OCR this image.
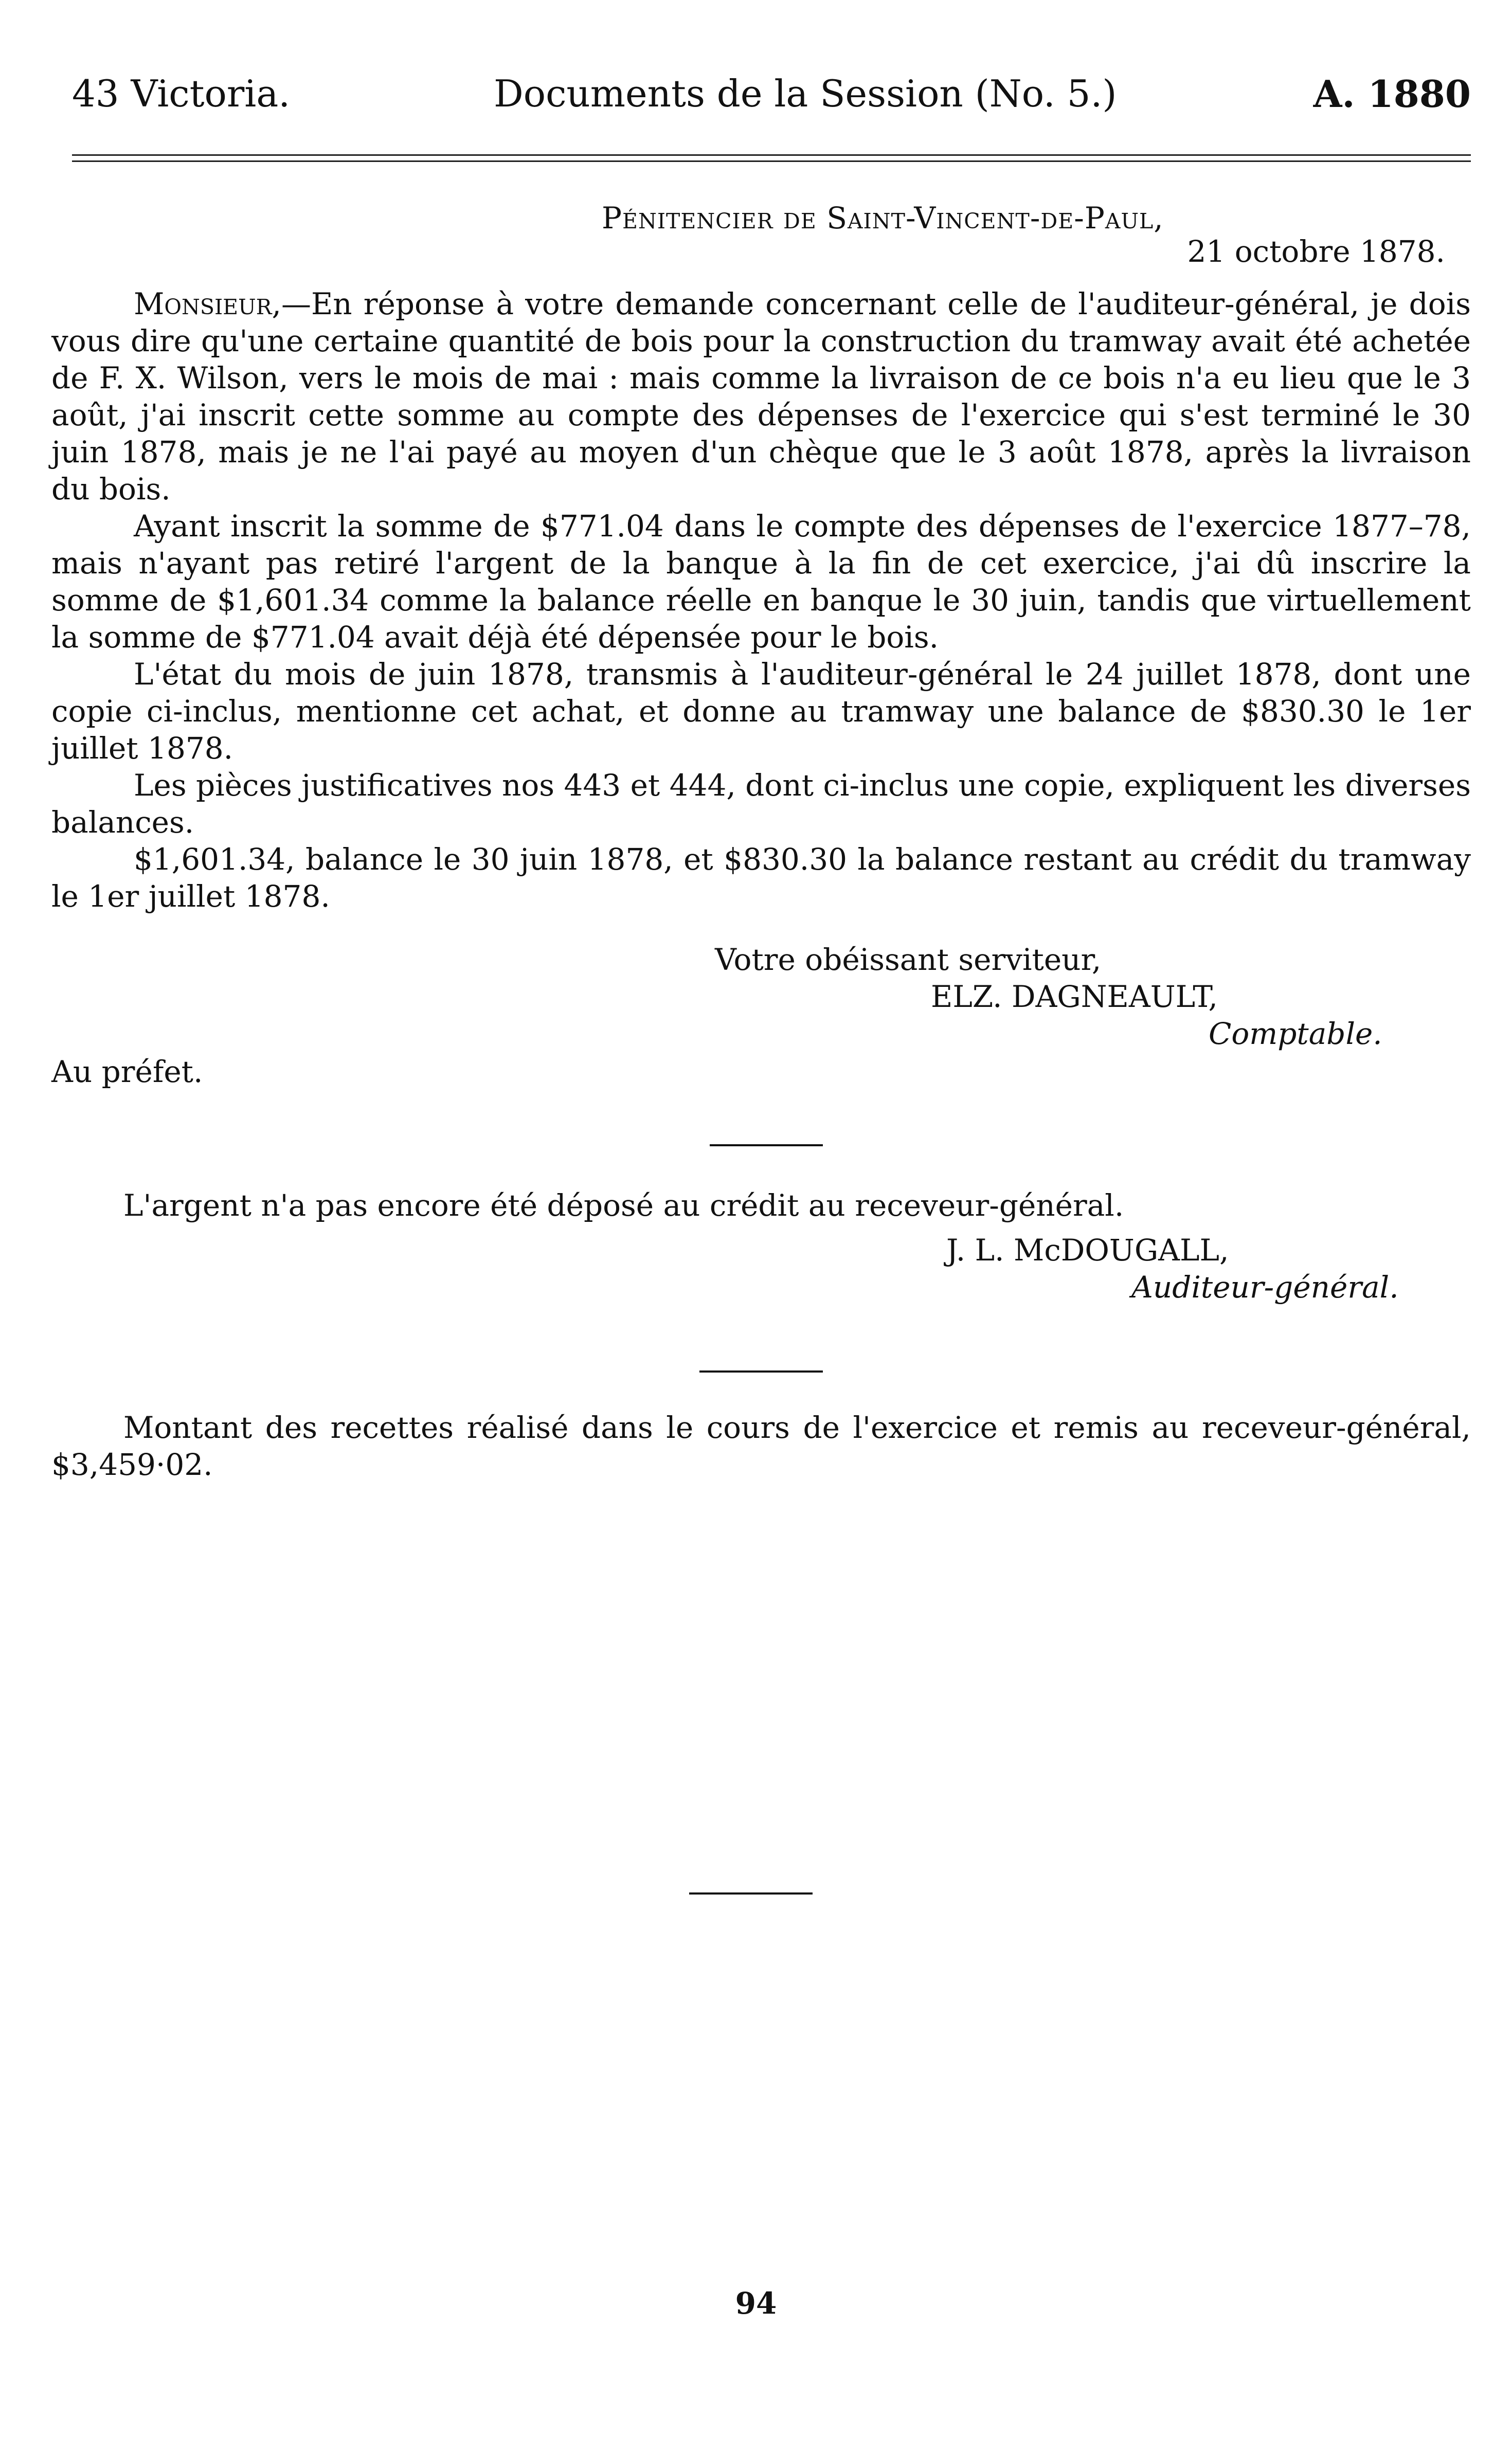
43 Victoria.	Documents de la Session (No. 5.)	A. 1880
Pénitencier de Saint-Vincent-de-Paul,
21 octobre 1878.

Monsieur,—En réponse à votre demande concernant celle de l'auditeur-général, je dois vous dire qu'une certaine quantité de bois pour la construction du tramway avait été achetée de F. X. Wilson, vers le mois de mai : mais comme la livraison de ce bois n'a eu lieu que le 3 août, j'ai inscrit cette somme au compte des dépenses de l'exercice qui s'est terminé le 30 juin 1878, mais je ne l'ai payé au moyen d'un chèque que le 3 août 1878, après la livraison du bois.

Ayant inscrit la somme de $771.04 dans le compte des dépenses de l'exercice 1877–78, mais n'ayant pas retiré l'argent de la banque à la fin de cet exercice, j'ai dû inscrire la somme de $1,601.34 comme la balance réelle en banque le 30 juin, tandis que virtuellement la somme de $771.04 avait déjà été dépensée pour le bois.

L'état du mois de juin 1878, transmis à l'auditeur-général le 24 juillet 1878, dont une copie ci-inclus, mentionne cet achat, et donne au tramway une balance de $830.30 le 1er juillet 1878.

Les pièces justificatives nos 443 et 444, dont ci-inclus une copie, expliquent les diverses balances.

$1,601.34, balance le 30 juin 1878, et $830.30 la balance restant au crédit du tramway le 1er juillet 1878.

Votre obéissant serviteur,
ELZ. DAGNEAULT,
Comptable.
Au préfet.
L'argent n'a pas encore été déposé au crédit au receveur-général.
J. L. McDOUGALL,
Auditeur-général.

Montant des recettes réalisé dans le cours de l'exercice et remis au receveur-général, $3,459·02.

94
